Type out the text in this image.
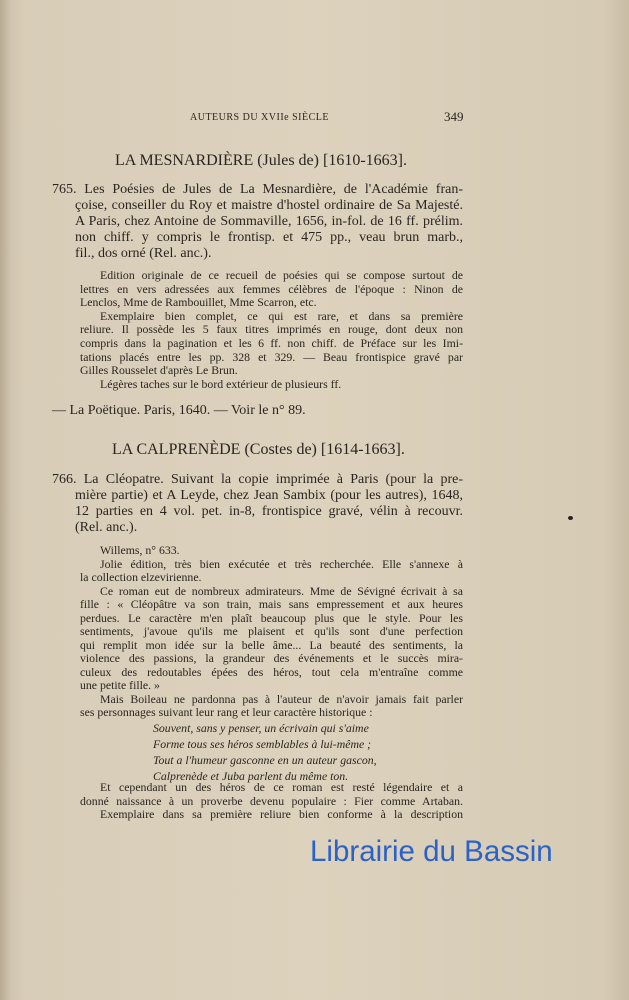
AUTEURS DU XVIIe SIÈCLE	349
LA MESNARDIÈRE (Jules de) [1610-1663].
765. Les Poésies de Jules de La Mesnardière, de l'Académie fran-
çoise, conseiller du Roy et maistre d'hostel ordinaire de Sa Majesté.
A Paris, chez Antoine de Sommaville, 1656, in-fol. de 16 ff. prélim.
non chiff. y compris le frontisp. et 475 pp., veau brun marb.,
fil., dos orné (Rel. anc.).
Edition originale de ce recueil de poésies qui se compose surtout de
lettres en vers adressées aux femmes célèbres de l'époque : Ninon de
Lenclos, Mme de Rambouillet, Mme Scarron, etc.
Exemplaire bien complet, ce qui est rare, et dans sa première
reliure. Il possède les 5 faux titres imprimés en rouge, dont deux non
compris dans la pagination et les 6 ff. non chiff. de Préface sur les Imi-
tations placés entre les pp. 328 et 329. — Beau frontispice gravé par
Gilles Rousselet d'après Le Brun.
Légères taches sur le bord extérieur de plusieurs ff.
— La Poëtique. Paris, 1640. — Voir le n° 89.
LA CALPRENÈDE (Costes de) [1614-1663].
766. La Cléopatre. Suivant la copie imprimée à Paris (pour la pre-
mière partie) et A Leyde, chez Jean Sambix (pour les autres), 1648,
12 parties en 4 vol. pet. in-8, frontispice gravé, vélin à recouvr.
(Rel. anc.).
Willems, n° 633.
Jolie édition, très bien exécutée et très recherchée. Elle s'annexe à
la collection elzevirienne.
Ce roman eut de nombreux admirateurs. Mme de Sévigné écrivait à sa
fille : « Cléopâtre va son train, mais sans empressement et aux heures
perdues. Le caractère m'en plaît beaucoup plus que le style. Pour les
sentiments, j'avoue qu'ils me plaisent et qu'ils sont d'une perfection
qui remplit mon idée sur la belle âme... La beauté des sentiments, la
violence des passions, la grandeur des événements et le succès mira-
culeux des redoutables épées des héros, tout cela m'entraîne comme
une petite fille. »
Mais Boileau ne pardonna pas à l'auteur de n'avoir jamais fait parler
ses personnages suivant leur rang et leur caractère historique :
Souvent, sans y penser, un écrivain qui s'aime
Forme tous ses héros semblables à lui-même ;
Tout a l'humeur gasconne en un auteur gascon,
Calprenède et Juba parlent du même ton.
Et cependant un des héros de ce roman est resté légendaire et a
donné naissance à un proverbe devenu populaire : Fier comme Artaban.
Exemplaire dans sa première reliure bien conforme à la description
Librairie du Bassin
